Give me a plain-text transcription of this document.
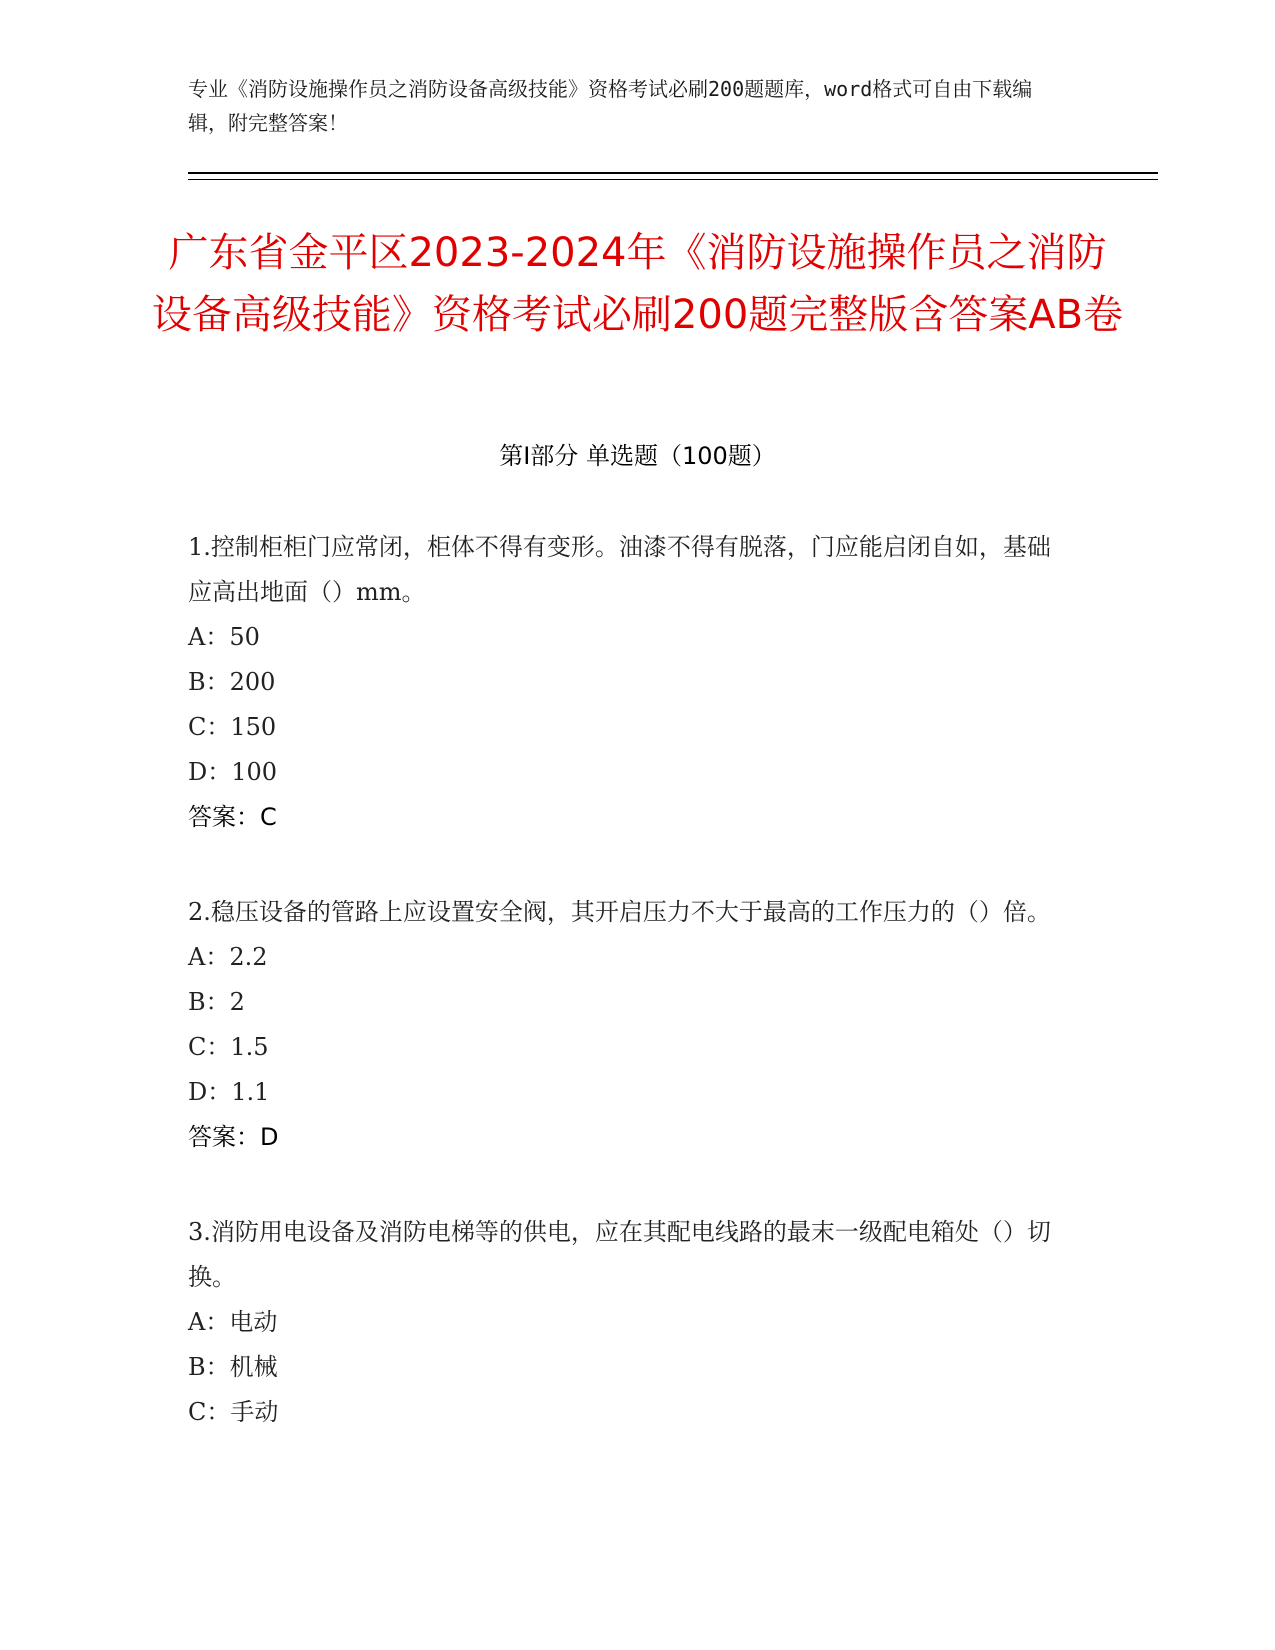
专业《消防设施操作员之消防设备高级技能》资格考试必刷200题题库，word格式可自由下载编辑，附完整答案！
广东省金平区2023-2024年《消防设施操作员之消防设备高级技能》资格考试必刷200题完整版含答案AB卷
第Ⅰ部分 单选题（100题）
1.控制柜柜门应常闭，柜体不得有变形。油漆不得有脱落，门应能启闭自如，基础应高出地面（）mm。
A：50
B：200
C：150
D：100
答案：C
2.稳压设备的管路上应设置安全阀，其开启压力不大于最高的工作压力的（）倍。
A：2.2
B：2
C：1.5
D：1.1
答案：D
3.消防用电设备及消防电梯等的供电，应在其配电线路的最末一级配电箱处（）切换。
A：电动
B：机械
C：手动
